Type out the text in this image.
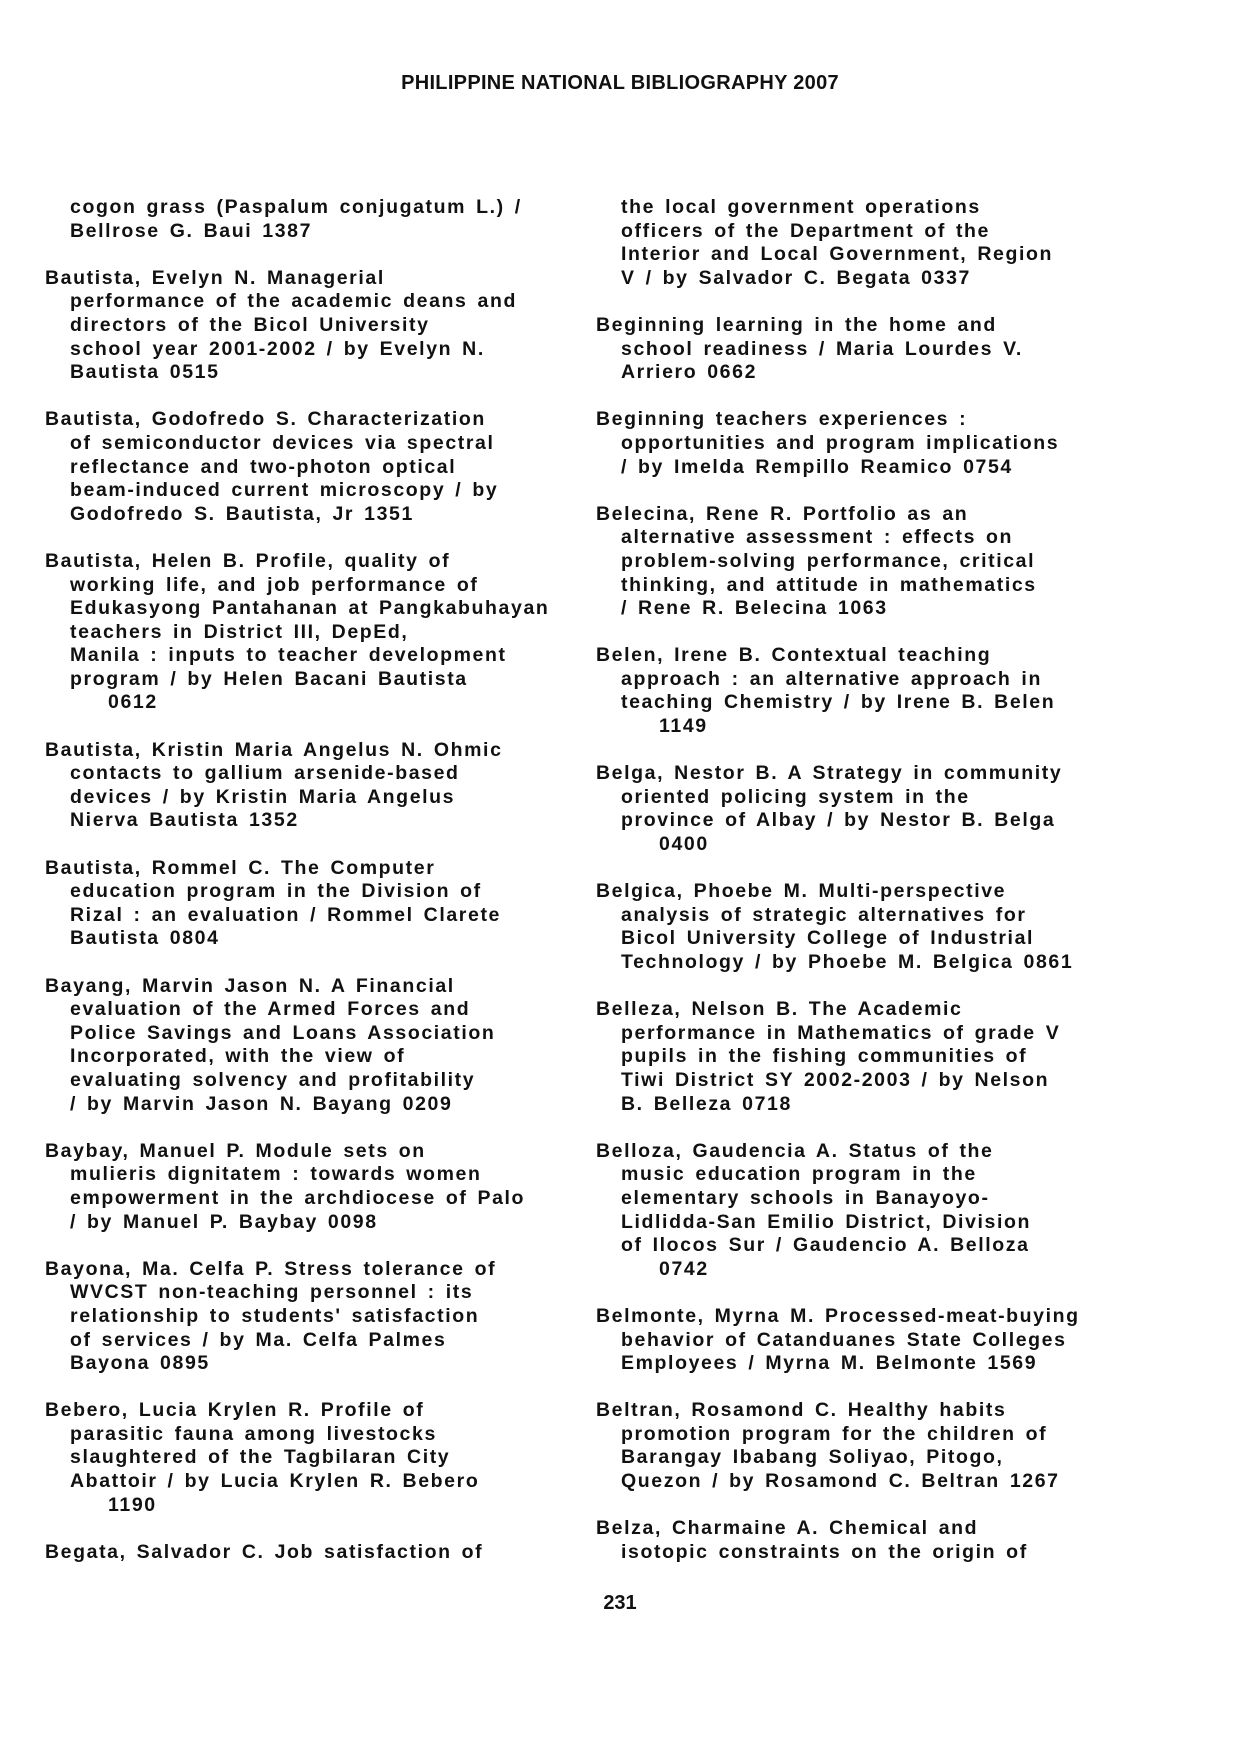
PHILIPPINE NATIONAL BIBLIOGRAPHY 2007
cogon grass (Paspalum conjugatum L.) /
Bellrose G. Baui 1387
Bautista, Evelyn N. Managerial
performance of the academic deans and
directors of the Bicol University
school year 2001-2002 / by Evelyn N.
Bautista 0515
Bautista, Godofredo S. Characterization
of semiconductor devices via spectral
reflectance and two-photon optical
beam-induced current microscopy / by
Godofredo S. Bautista, Jr 1351
Bautista, Helen B. Profile, quality of
working life, and job performance of
Edukasyong Pantahanan at Pangkabuhayan
teachers in District III, DepEd,
Manila : inputs to teacher development
program / by Helen Bacani Bautista
0612
Bautista, Kristin Maria Angelus N. Ohmic
contacts to gallium arsenide-based
devices / by Kristin Maria Angelus
Nierva Bautista 1352
Bautista, Rommel C. The Computer
education program in the Division of
Rizal : an evaluation / Rommel Clarete
Bautista 0804
Bayang, Marvin Jason N. A Financial
evaluation of the Armed Forces and
Police Savings and Loans Association
Incorporated, with the view of
evaluating solvency and profitability
/ by Marvin Jason N. Bayang 0209
Baybay, Manuel P. Module sets on
mulieris dignitatem : towards women
empowerment in the archdiocese of Palo
/ by Manuel P. Baybay 0098
Bayona, Ma. Celfa P. Stress tolerance of
WVCST non-teaching personnel : its
relationship to students' satisfaction
of services / by Ma. Celfa Palmes
Bayona 0895
Bebero, Lucia Krylen R. Profile of
parasitic fauna among livestocks
slaughtered of the Tagbilaran City
Abattoir / by Lucia Krylen R. Bebero
1190
Begata, Salvador C. Job satisfaction of
the local government operations
officers of the Department of the
Interior and Local Government, Region
V / by Salvador C. Begata 0337
Beginning learning in the home and
school readiness / Maria Lourdes V.
Arriero 0662
Beginning teachers experiences :
opportunities and program implications
/ by Imelda Rempillo Reamico 0754
Belecina, Rene R. Portfolio as an
alternative assessment : effects on
problem-solving performance, critical
thinking, and attitude in mathematics
/ Rene R. Belecina 1063
Belen, Irene B. Contextual teaching
approach : an alternative approach in
teaching Chemistry / by Irene B. Belen
1149
Belga, Nestor B. A Strategy in community
oriented policing system in the
province of Albay / by Nestor B. Belga
0400
Belgica, Phoebe M. Multi-perspective
analysis of strategic alternatives for
Bicol University College of Industrial
Technology / by Phoebe M. Belgica 0861
Belleza, Nelson B. The Academic
performance in Mathematics of grade V
pupils in the fishing communities of
Tiwi District SY 2002-2003 / by Nelson
B. Belleza 0718
Belloza, Gaudencia A. Status of the
music education program in the
elementary schools in Banayoyo-
Lidlidda-San Emilio District, Division
of Ilocos Sur / Gaudencio A. Belloza
0742
Belmonte, Myrna M. Processed-meat-buying
behavior of Catanduanes State Colleges
Employees / Myrna M. Belmonte 1569
Beltran, Rosamond C. Healthy habits
promotion program for the children of
Barangay Ibabang Soliyao, Pitogo,
Quezon / by Rosamond C. Beltran 1267
Belza, Charmaine A. Chemical and
isotopic constraints on the origin of
231
